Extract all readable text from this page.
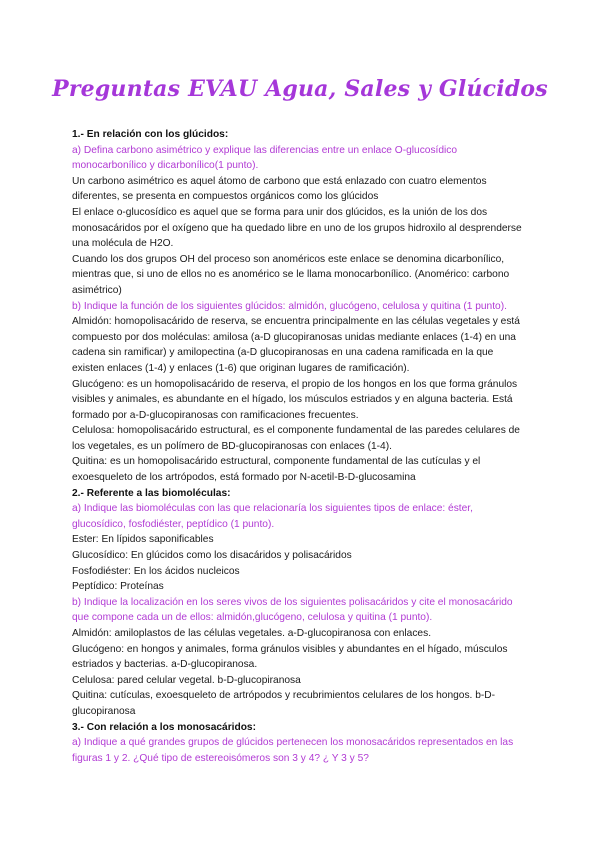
Preguntas EVAU Agua, Sales y Glúcidos

1.- En relación con los glúcidos:

a) Defina carbono asimétrico y explique las diferencias entre un enlace O-glucosídico monocarbonílico y dicarbonílico(1 punto).

Un carbono asimétrico es aquel átomo de carbono que está enlazado con cuatro elementos diferentes, se presenta en compuestos orgánicos como los glúcidos

El enlace o-glucosídico es aquel que se forma para unir dos glúcidos, es la unión de los dos monosacáridos por el oxígeno que ha quedado libre en uno de los grupos hidroxilo al desprenderse una molécula de H2O.

Cuando los dos grupos OH del proceso son anoméricos este enlace se denomina dicarbonílico, mientras que, si uno de ellos no es anomérico se le llama monocarbonílico. (Anomérico: carbono asimétrico)

b) Indique la función de los siguientes glúcidos: almidón, glucógeno, celulosa y quitina (1 punto).

Almidón: homopolisacárido de reserva, se encuentra principalmente en las células vegetales y está compuesto por dos moléculas: amilosa (a-D glucopiranosas unidas mediante enlaces (1-4) en una cadena sin ramificar) y amilopectina (a-D glucopiranosas en una cadena ramificada en la que existen enlaces (1-4) y enlaces (1-6) que originan lugares de ramificación).

Glucógeno: es un homopolisacárido de reserva, el propio de los hongos en los que forma gránulos visibles y animales, es abundante en el hígado, los músculos estriados y en alguna bacteria. Está formado por a-D-glucopiranosas con ramificaciones frecuentes.

Celulosa: homopolisacárido estructural, es el componente fundamental de las paredes celulares de los vegetales, es un polímero de BD-glucopiranosas con enlaces (1-4).

Quitina: es un homopolisacárido estructural, componente fundamental de las cutículas y el exoesqueleto de los artrópodos, está formado por N-acetil-B-D-glucosamina

2.- Referente a las biomoléculas:

a) Indique las biomoléculas con las que relacionaría los siguientes tipos de enlace: éster, glucosídico, fosfodiéster, peptídico (1 punto).

Ester: En lípidos saponificables

Glucosídico: En glúcidos como los disacáridos y polisacáridos

Fosfodiéster: En los ácidos nucleicos

Peptídico: Proteínas

b) Indique la localización en los seres vivos de los siguientes polisacáridos y cite el monosacárido que compone cada un de ellos: almidón,glucógeno, celulosa y quitina (1 punto).

Almidón: amiloplastos de las células vegetales. a-D-glucopiranosa con enlaces.

Glucógeno: en hongos y animales, forma gránulos visibles y abundantes en el hígado, músculos estriados y bacterias. a-D-glucopiranosa.

Celulosa: pared celular vegetal. b-D-glucopiranosa

Quitina: cutículas, exoesqueleto de artrópodos y recubrimientos celulares de los hongos. b-D-glucopiranosa

3.- Con relación a los monosacáridos:

a) Indique a qué grandes grupos de glúcidos pertenecen los monosacáridos representados en las figuras 1 y 2. ¿Qué tipo de estereoisómeros son 3 y 4? ¿ Y 3 y 5?
